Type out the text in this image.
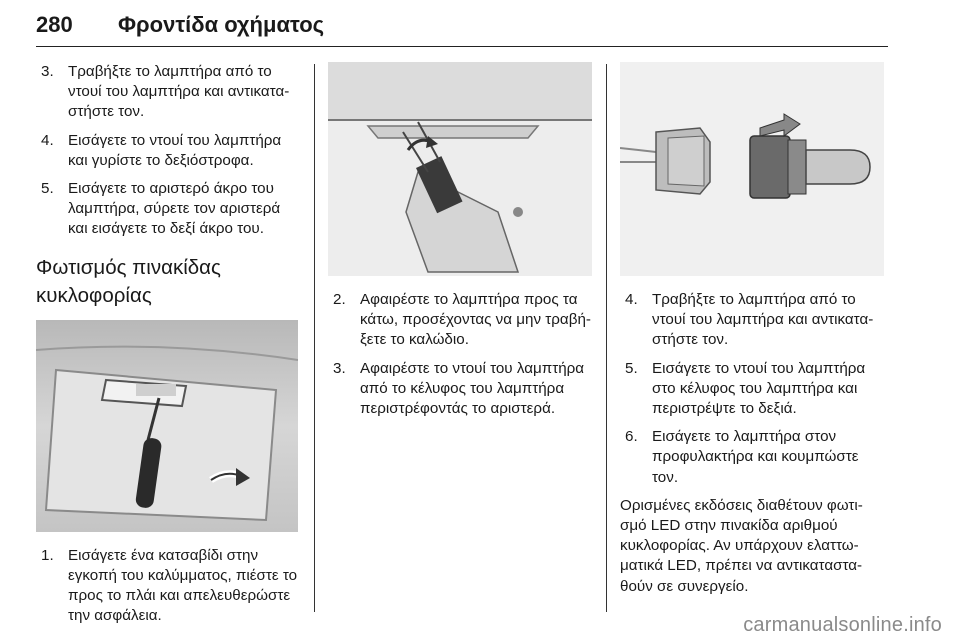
280 Φροντίδα οχήματος
3. Τραβήξτε το λαμπτήρα από το ντουί του λαμπτήρα και αντικατα-στήστε τον.
4. Εισάγετε το ντουί του λαμπτήρα και γυρίστε το δεξιόστροφα.
5. Εισάγετε το αριστερό άκρο του λαμπτήρα, σύρετε τον αριστερά και εισάγετε το δεξί άκρο του.
Φωτισμός πινακίδας κυκλοφορίας
1. Εισάγετε ένα κατσαβίδι στην εγκοπή του καλύμματος, πιέστε το προς το πλάι και απελευθερώστε την ασφάλεια.
2. Αφαιρέστε το λαμπτήρα προς τα κάτω, προσέχοντας να μην τραβή-ξετε το καλώδιο.
3. Αφαιρέστε το ντουί του λαμπτήρα από το κέλυφος του λαμπτήρα περιστρέφοντάς το αριστερά.
4. Τραβήξτε το λαμπτήρα από το ντουί του λαμπτήρα και αντικατα-στήστε τον.
5. Εισάγετε το ντουί του λαμπτήρα στο κέλυφος του λαμπτήρα και περιστρέψτε το δεξιά.
6. Εισάγετε το λαμπτήρα στον προφυλακτήρα και κουμπώστε τον.

Ορισμένες εκδόσεις διαθέτουν φωτι-σμό LED στην πινακίδα αριθμού κυκλοφορίας. Αν υπάρχουν ελαττω-ματικά LED, πρέπει να αντικαταστα-θούν σε συνεργείο.

carmanualsonline.info
